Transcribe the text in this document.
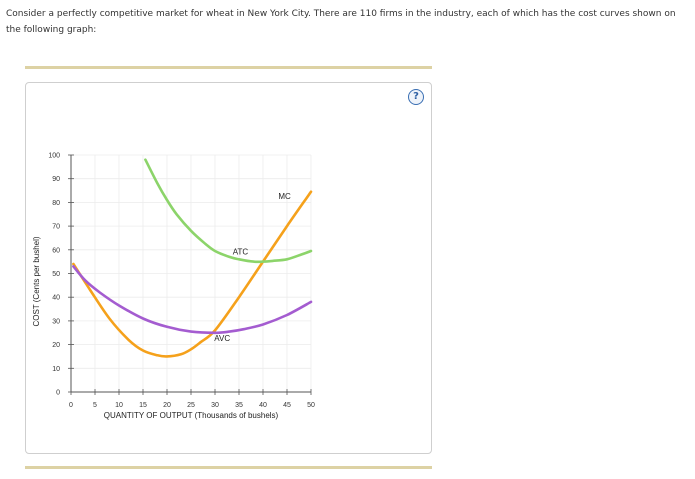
Consider a perfectly competitive market for wheat in New York City. There are 110 firms in the industry, each of which has the cost curves shown on the following graph:
?
0
10
20
30
40
50
60
70
80
90
100
0	5	10 15 20 25 30 35 40 45 50
QUANTITY OF OUTPUT (Thousands of bushels)
COST (Cents per bushel)
MC
ATC
AVC
